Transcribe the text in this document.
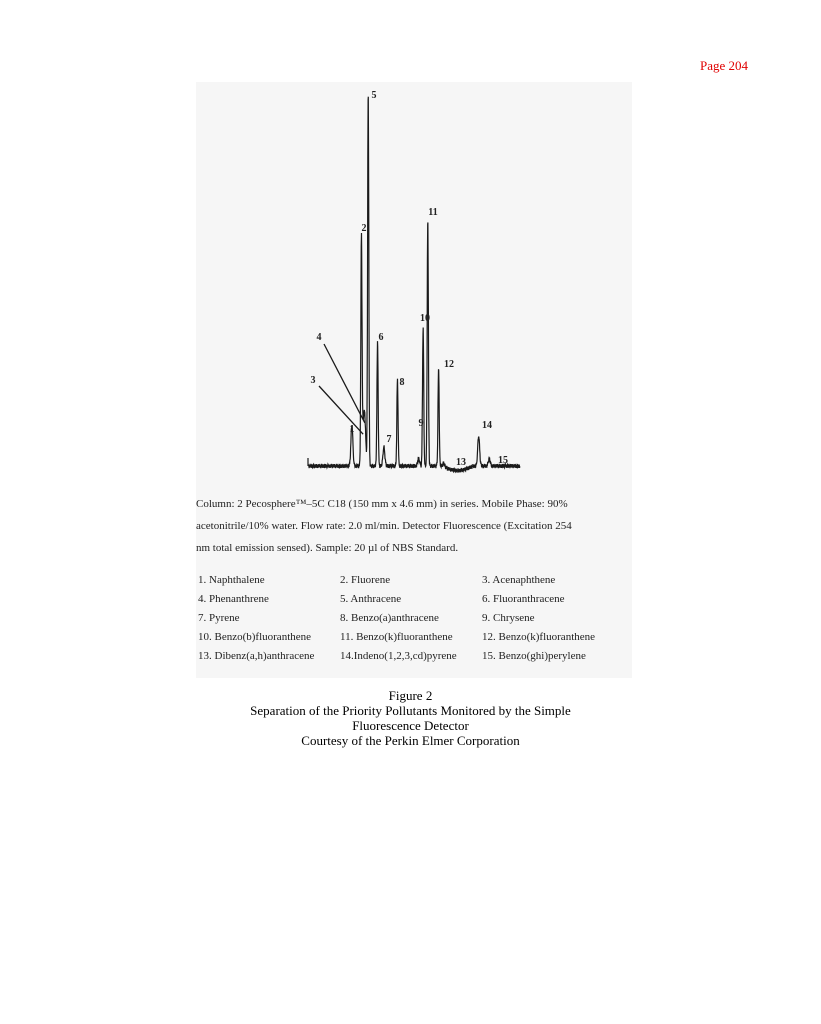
Page 204
1
2
3
4
5
6
7
8
9
10
11
12
13
14
15
Column: 2 Pecosphere™–5C C18 (150 mm x 4.6 mm) in series. Mobile Phase: 90%
acetonitrile/10% water. Flow rate: 2.0 ml/min. Detector Fluorescence (Excitation 254
nm total emission sensed). Sample: 20 µl of NBS Standard.
1. Naphthalene	2. Fluorene	3. Acenaphthene
4. Phenanthrene	5. Anthracene	6. Fluoranthracene
7. Pyrene	8. Benzo(a)anthracene	9. Chrysene
10. Benzo(b)fluoranthene	11. Benzo(k)fluoranthene	12. Benzo(k)fluoranthene
13. Dibenz(a,h)anthracene	14.Indeno(1,2,3,cd)pyrene	15. Benzo(ghi)perylene
Figure 2
Separation of the Priority Pollutants Monitored by the Simple
Fluorescence Detector
Courtesy of the Perkin Elmer Corporation
